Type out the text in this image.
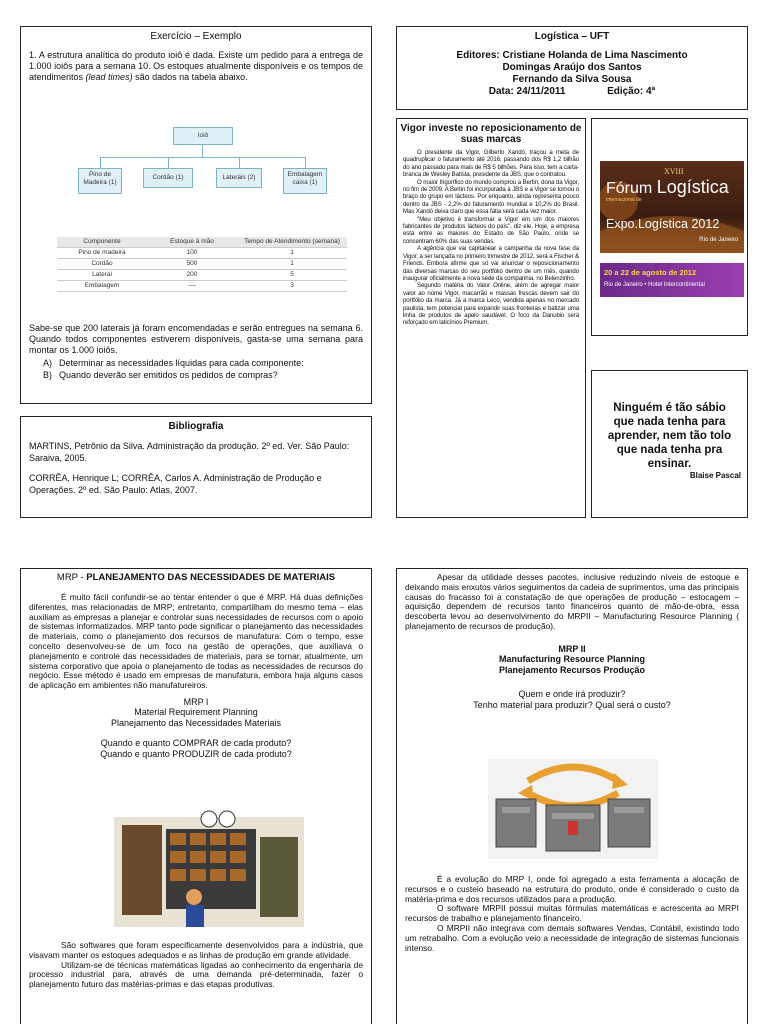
Exercício – Exemplo
1. A estrutura analítica do produto ioiô é dada. Existe um pedido para a entrega de 1.000 ioiôs para a semana 10. Os estoques atualmente disponíveis e os tempos de atendimentos (lead times) são dados na tabela abaixo.
Ioiô
Pino de Madeira (1)
Cordão (1)	Laterais (2)	Embalagem caixa (1)
Componente	Estoque à mão	Tempo de Atendimento (semana)
Pino de madeira	100	1
Cordão	500	1
Lateral	200	5
Embalagem	----	3
Sabe-se que 200 laterais já foram encomendadas e serão entregues na semana 6. Quando todos componentes estiverem disponíveis, gasta-se uma semana para montar os 1.000 ioiôs.
A) Determinar as necessidades líquidas para cada componente:
B) Quando deverão ser emitidos os pedidos de compras?
Bibliografia
MARTINS, Petrônio da Silva. Administração da produção. 2º ed. Ver. São Paulo: Saraiva, 2005.
CORRÊA, Henrique L; CORRÊA, Carlos A. Administração de Produção e Operações. 2º ed. São Paulo: Atlas, 2007.
Logística – UFT
Editores: Cristiane Holanda de Lima Nascimento
Domingas Araújo dos Santos
Fernando da Silva Sousa
Data: 24/11/2011	Edição: 4ª
Vigor investe no reposicionamento de suas marcas

O presidente da Vigor, Gilberto Xandó, traçou a meta de quadruplicar o faturamento até 2016, passando dos R$ 1,2 bilhão do ano passado para mais de R$ 5 bilhões. Para isso, tem a carta-branca de Wesley Batista, presidente da JBS, que o contratou.

O maior frigorífico do mundo comprou a Bertin, dona da Vigor, no fim de 2009. A Bertin foi incorporada à JBS e a Vigor se tornou o braço do grupo em lácteos. Por enquanto, ainda representa pouco dentro da JBS - 2,2% do faturamento mundial e 10,2% do Brasil. Mas Xandó deixa claro que essa fatia será cada vez maior.

"Meu objetivo é transformar a Vigor em um dos maiores fabricantes de produtos lácteos do país", diz ele. Hoje, a empresa está entre as maiores do Estado de São Paulo, onde se concentram 60% das suas vendas.

A agência que vai capitanear a campanha da nova fase da Vigor, a ser lançada no primeiro trimestre de 2012, será a Fischer & Friends. Embora afirme que só vai anunciar o reposicionamento das diversas marcas do seu portfólio dentro de um mês, quando inaugurar oficialmente a nova sede da companhia, no Belenzinho.

Segundo matéria do Valor Online, além de agregar maior valor ao nome Vigor, macarrão e massas frescas devem sair do portfólio da marca. Já a marca Leco, vendida apenas no mercado paulista, tem potencial para expandir suas fronteiras e batizar uma linha de produtos de apelo saudável. O foco da Danubio será reforçado em laticínios Premium.

XVIII
Fórum Logística
Internacional de
Expo.Logística 2012
Rio de Janeiro
20 a 22 de agosto de 2012
Rio de Janeiro • Hotel Intercontinental
Ninguém é tão sábio que nada tenha para aprender, nem tão tolo que nada tenha pra ensinar.
Blaise Pascal
MRP - PLANEJAMENTO DAS NECESSIDADES DE MATERIAIS

É muito fácil confundir-se ao tentar entender o que é MRP. Há duas definições diferentes, mas relacionadas de MRP; entretanto, compartilham do mesmo tema – elas auxiliam as empresas a planejar e controlar suas necessidades de recursos com o apoio de sistemas informatizados. MRP tanto pode significar o planejamento das necessidades de materiais, como o planejamento dos recursos de manufatura. Com o tempo, esse conceito desenvolveu-se de um foco na gestão de operações, que auxiliava o planejamento e controle das necessidades de materiais, para se tornar, atualmente, um sistema corporativo que apoia o planejamento de todas as necessidades de recursos do negócio. Esse método é usado em empresas de manufatura, embora haja alguns casos de aplicação em ambientes não manufatureiros.

MRP I
Material Requirement Planning
Planejamento das Necessidades Materiais
Quando e quanto COMPRAR de cada produto?
Quando e quanto PRODUZIR de cada produto?

São softwares que foram especificamente desenvolvidos para a indústria, que visavam manter os estoques adequados e as linhas de produção em grande atividade.

Utilizam-se de técnicas matemáticas ligadas ao conhecimento da engenharia de processo industrial para, através de uma demanda pré-determinada, fazer o planejamento futuro das matérias-primas e das etapas produtivas.

Apesar da utilidade desses pacotes, inclusive reduzindo níveis de estoque e deixando mais enxutos vários seguimentos da cadeia de suprimentos, uma das principais causas do fracasso foi a constatação de que operações de produção – estocagem – aquisição dependem de recursos tanto financeiros quanto de mão-de-obra, essa descoberta levou ao desenvolvimento do MRPII – Manufacturing Resource Planning ( planejamento de recursos de produção).

MRP II
Manufacturing Resource Planning
Planejamento Recursos Produção
Quem e onde irá produzir?
Tenho material para produzir? Qual será o custo?

É a evolução do MRP I, onde foi agregado a esta ferramenta a alocação de recursos e o custeio baseado na estrutura do produto, onde é considerado o custo da matéria-prima e dos recursos utilizados para a produção.

O software MRPII possui muitas fórmulas matemáticas e acrescenta ao MRPI recursos de trabalho e planejamento financeiro.

O MRPII não integrava com demais softwares Vendas, Contábil, existindo todo um retrabalho. Com a evolução veio a necessidade de integração de sistemas funcionais intenso.
